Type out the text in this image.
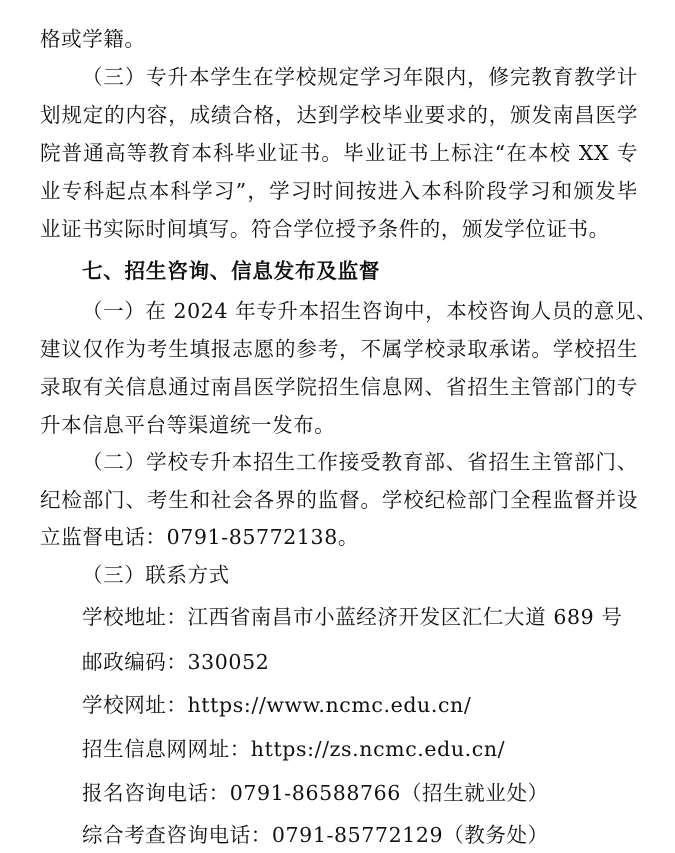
格或学籍。
（三）专升本学生在学校规定学习年限内，修完教育教学计
划规定的内容，成绩合格，达到学校毕业要求的，颁发南昌医学
院普通高等教育本科毕业证书。毕业证书上标注“在本校 XX 专
业专科起点本科学习”，学习时间按进入本科阶段学习和颁发毕
业证书实际时间填写。符合学位授予条件的，颁发学位证书。
七、招生咨询、信息发布及监督
（一）在 2024 年专升本招生咨询中，本校咨询人员的意见、
建议仅作为考生填报志愿的参考，不属学校录取承诺。学校招生
录取有关信息通过南昌医学院招生信息网、省招生主管部门的专
升本信息平台等渠道统一发布。
（二）学校专升本招生工作接受教育部、省招生主管部门、
纪检部门、考生和社会各界的监督。学校纪检部门全程监督并设
立监督电话：0791-85772138。
（三）联系方式
学校地址：江西省南昌市小蓝经济开发区汇仁大道 689 号
邮政编码：330052
学校网址：https://www.ncmc.edu.cn/
招生信息网网址：https://zs.ncmc.edu.cn/
报名咨询电话：0791-86588766（招生就业处）
综合考查咨询电话：0791-85772129（教务处）
